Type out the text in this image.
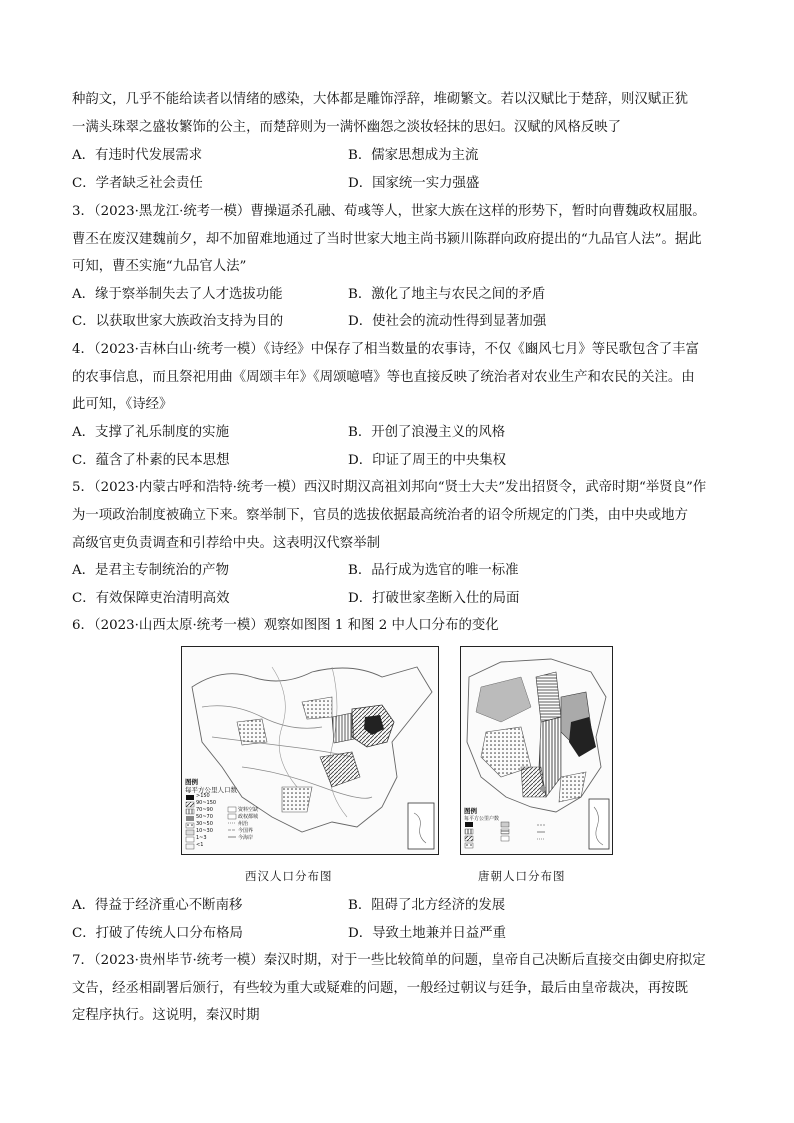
种韵文，几乎不能给读者以情绪的感染，大体都是雕饰浮辞，堆砌繁文。若以汉赋比于楚辞，则汉赋正犹
一满头珠翠之盛妆繁饰的公主，而楚辞则为一满怀幽怨之淡妆轻抹的思妇。汉赋的风格反映了
A．有违时代发展需求	B．儒家思想成为主流
C．学者缺乏社会责任	D．国家统一实力强盛
3．（2023·黑龙江·统考一模）曹操逼杀孔融、荀彧等人，世家大族在这样的形势下，暂时向曹魏政权屈服。
曹丕在废汉建魏前夕，却不加留难地通过了当时世家大地主尚书颍川陈群向政府提出的“九品官人法”。据此
可知，曹丕实施“九品官人法”
A．缘于察举制失去了人才选拔功能	B．激化了地主与农民之间的矛盾
C．以获取世家大族政治支持为目的	D．使社会的流动性得到显著加强
4．（2023·吉林白山·统考一模）《诗经》中保存了相当数量的农事诗，不仅《豳风七月》等民歌包含了丰富
的农事信息，而且祭祀用曲《周颂丰年》《周颂噫嘻》等也直接反映了统治者对农业生产和农民的关注。由
此可知，《诗经》
A．支撑了礼乐制度的实施	B．开创了浪漫主义的风格
C．蕴含了朴素的民本思想	D．印证了周王的中央集权
5．（2023·内蒙古呼和浩特·统考一模）西汉时期汉高祖刘邦向“贤士大夫”发出招贤令，武帝时期“举贤良”作
为一项政治制度被确立下来。察举制下，官员的选拔依据最高统治者的诏令所规定的门类，由中央或地方
高级官吏负责调查和引荐给中央。这表明汉代察举制
A．是君主专制统治的产物	B．品行成为选官的唯一标准
C．有效保障吏治清明高效	D．打破世家垄断入仕的局面
6．（2023·山西太原·统考一模）观察如图图 1 和图 2 中人口分布的变化
图例
每平方公里人口数
>150
90~150
70~90
50~70
30~50
10~30
1~3
<1
资料空缺
政权都城
州治
今国界
今海岸
图例
每平方公里户数
西汉人口分布图	唐朝人口分布图
A．得益于经济重心不断南移	B．阻碍了北方经济的发展
C．打破了传统人口分布格局	D．导致土地兼并日益严重
7．（2023·贵州毕节·统考一模）秦汉时期，对于一些比较简单的问题，皇帝自己决断后直接交由御史府拟定
文告，经丞相副署后颁行，有些较为重大或疑难的问题，一般经过朝议与廷争，最后由皇帝裁决，再按既
定程序执行。这说明，秦汉时期
